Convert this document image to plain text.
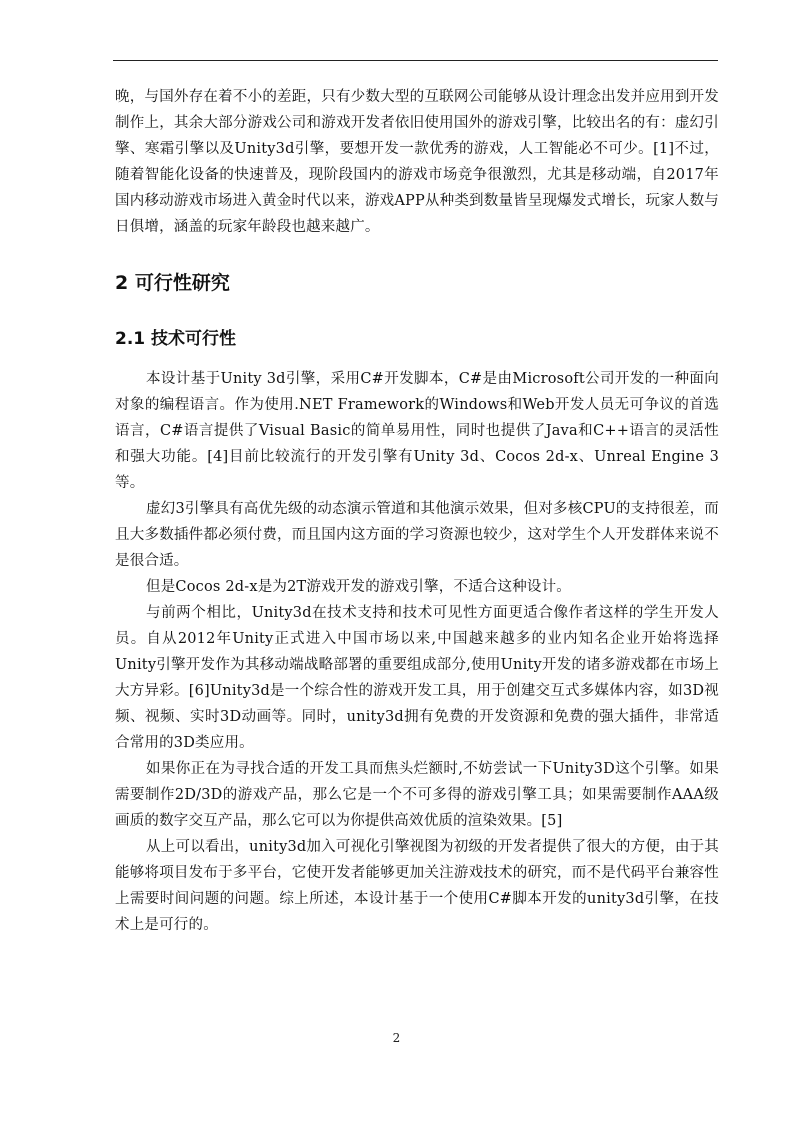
晚，与国外存在着不小的差距，只有少数大型的互联网公司能够从设计理念出发并应用到开发制作上，其余大部分游戏公司和游戏开发者依旧使用国外的游戏引擎，比较出名的有：虚幻引擎、寒霜引擎以及Unity3d引擎，要想开发一款优秀的游戏，人工智能必不可少。[1]不过，随着智能化设备的快速普及，现阶段国内的游戏市场竞争很激烈，尤其是移动端，自2017年国内移动游戏市场进入黄金时代以来，游戏APP从种类到数量皆呈现爆发式增长，玩家人数与日俱增，涵盖的玩家年龄段也越来越广。

2 可行性研究
2.1 技术可行性

本设计基于Unity 3d引擎，采用C#开发脚本，C#是由Microsoft公司开发的一种面向对象的编程语言。作为使用.NET Framework的Windows和Web开发人员无可争议的首选语言，C#语言提供了Visual Basic的简单易用性，同时也提供了Java和C++语言的灵活性和强大功能。[4]目前比较流行的开发引擎有Unity 3d、Cocos 2d-x、Unreal Engine 3等。

虚幻3引擎具有高优先级的动态演示管道和其他演示效果，但对多核CPU的支持很差，而且大多数插件都必须付费，而且国内这方面的学习资源也较少，这对学生个人开发群体来说不是很合适。

但是Cocos 2d-x是为2T游戏开发的游戏引擎，不适合这种设计。

与前两个相比，Unity3d在技术支持和技术可见性方面更适合像作者这样的学生开发人员。自从2012年Unity正式进入中国市场以来,中国越来越多的业内知名企业开始将选择Unity引擎开发作为其移动端战略部署的重要组成部分,使用Unity开发的诸多游戏都在市场上大方异彩。[6]Unity3d是一个综合性的游戏开发工具，用于创建交互式多媒体内容，如3D视频、视频、实时3D动画等。同时，unity3d拥有免费的开发资源和免费的强大插件，非常适合常用的3D类应用。

如果你正在为寻找合适的开发工具而焦头烂额时,不妨尝试一下Unity3D这个引擎。如果需要制作2D/3D的游戏产品，那么它是一个不可多得的游戏引擎工具；如果需要制作AAA级画质的数字交互产品，那么它可以为你提供高效优质的渲染效果。[5]

从上可以看出，unity3d加入可视化引擎视图为初级的开发者提供了很大的方便，由于其能够将项目发布于多平台，它使开发者能够更加关注游戏技术的研究，而不是代码平台兼容性上需要时间问题的问题。综上所述，本设计基于一个使用C#脚本开发的unity3d引擎，在技术上是可行的。

2
